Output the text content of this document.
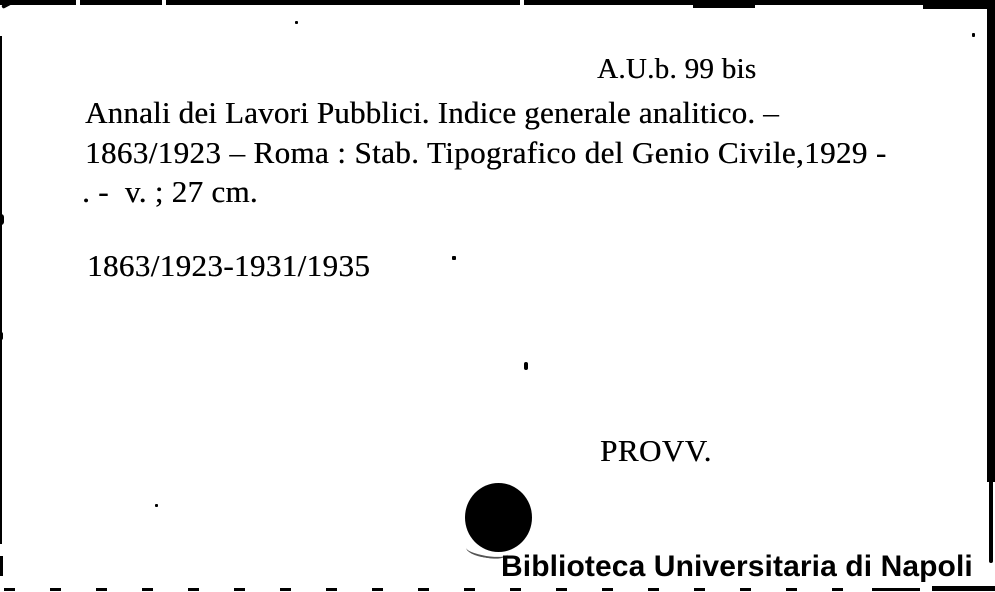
A.U.b. 99 bis
Annali dei Lavori Pubblici. Indice generale analitico. –
1863/1923 – Roma : Stab. Tipografico del Genio Civile,1929 -
. -  v. ; 27 cm.
1863/1923-1931/1935
PROVV.
Biblioteca Universitaria di Napoli
